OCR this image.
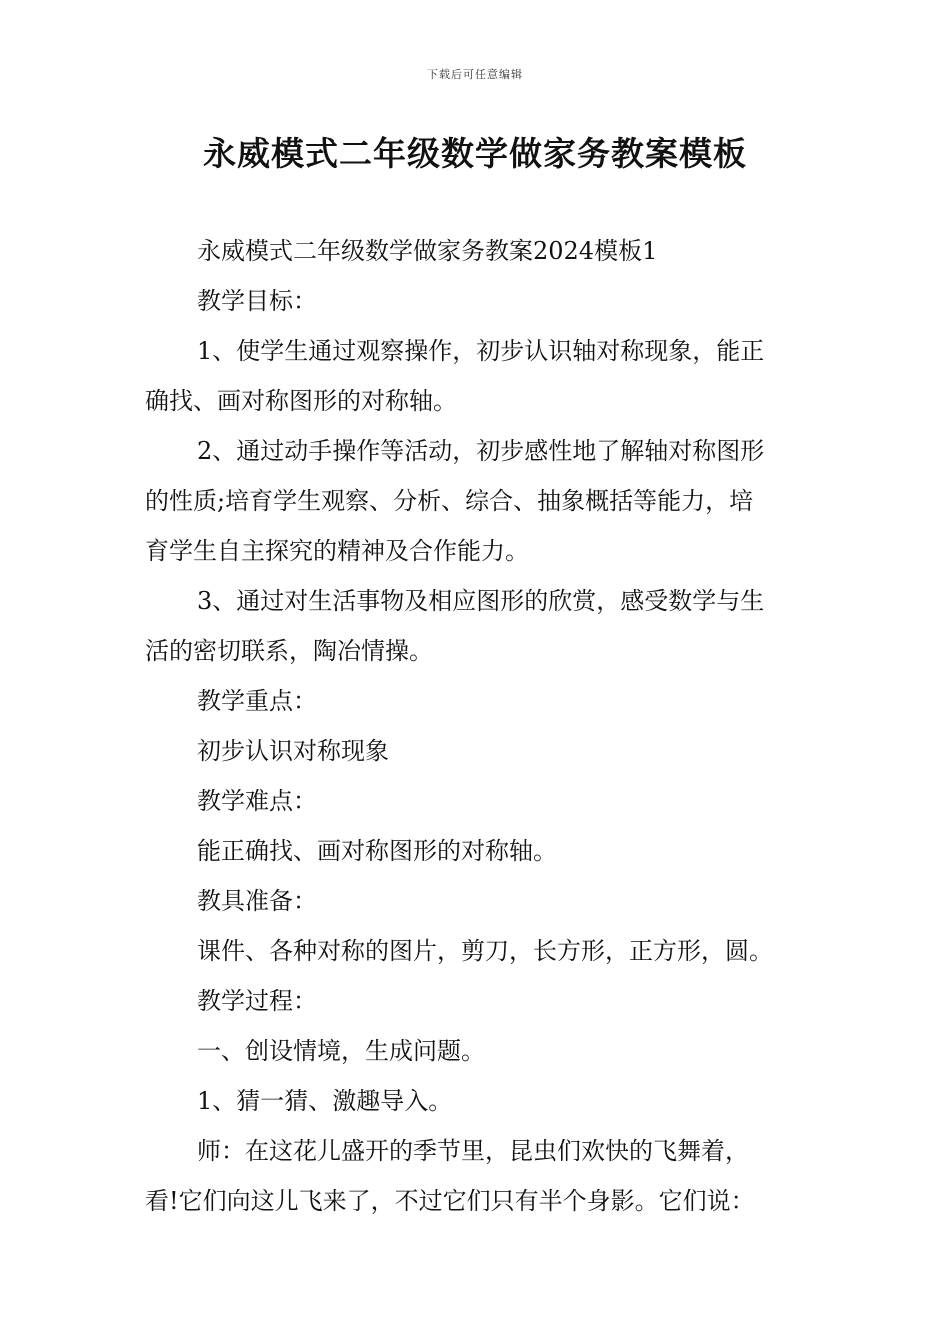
下载后可任意编辑
永威模式二年级数学做家务教案模板

永威模式二年级数学做家务教案2024模板1

教学目标：

1、使学生通过观察操作，初步认识轴对称现象，能正
确找、画对称图形的对称轴。

2、通过动手操作等活动，初步感性地了解轴对称图形
的性质;培育学生观察、分析、综合、抽象概括等能力，培
育学生自主探究的精神及合作能力。

3、通过对生活事物及相应图形的欣赏，感受数学与生
活的密切联系，陶冶情操。

教学重点：

初步认识对称现象

教学难点：

能正确找、画对称图形的对称轴。

教具准备：

课件、各种对称的图片，剪刀，长方形，正方形，圆。

教学过程：

一、创设情境，生成问题。

1、猜一猜、激趣导入。

师：在这花儿盛开的季节里，昆虫们欢快的飞舞着，
看!它们向这儿飞来了，不过它们只有半个身影。它们说：
